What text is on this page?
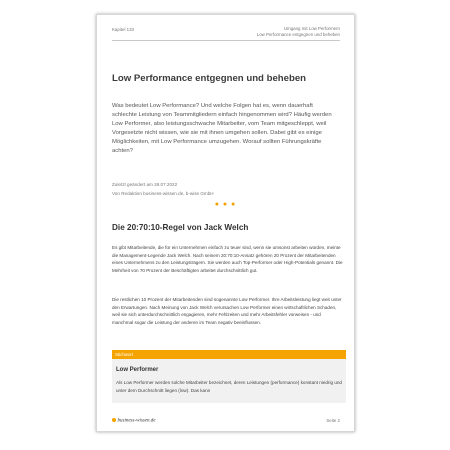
Kapitel 133	Umgang mit Low Performern
Low Performance entgegnen und beheben
Low Performance entgegnen und beheben

Was bedeutet Low Performance? Und welche Folgen hat es, wenn dauerhaft schlechte Leistung von Teammitgliedern einfach hingenommen wird? Häufig werden Low Performer, also leistungsschwache Mitarbeiter, vom Team mitgeschleppt, weil Vorgesetzte nicht wissen, wie sie mit ihnen umgehen sollen. Dabei gibt es einige Möglichkeiten, mit Low Performance umzugehen. Worauf sollten Führungskräfte achten?

Zuletzt geändert am 28.07.2022
Von Redaktion business-wissen.de, b-wise GmbH
● ● ●
Die 20:70:10-Regel von Jack Welch

Es gibt Mitarbeitende, die für ein Unternehmen einfach zu teuer sind, wenn sie umsonst arbeiten würden, meinte die Management-Legende Jack Welch. Nach seinem 20:70:10-Ansatz gehören 20 Prozent der Mitarbeitenden eines Unternehmens zu den Leistungsträgern. Sie werden auch Top-Performer oder High-Potentials genannt. Die Mehrheit von 70 Prozent der Beschäftigten arbeitet durchschnittlich gut.

Die restlichen 10 Prozent der Mitarbeitenden sind sogenannte Low Performer. Ihre Arbeitsleistung liegt weit unter den Erwartungen. Nach Meinung von Jack Welch verursachen Low Performer einen wirtschaftlichen Schaden, weil sie sich unterdurchschnittlich engagieren, mehr Fehlzeiten und mehr Arbeitsfehler vorweisen - und manchmal sogar die Leistung der anderen im Team negativ beeinflussen.

Stichwort
Low Performer

Als Low Performer werden solche Mitarbeiter bezeichnet, deren Leistungen (performance) konstant niedrig und unter dem Durchschnitt liegen (low). Das kann

business-wissen.de	Seite 2
